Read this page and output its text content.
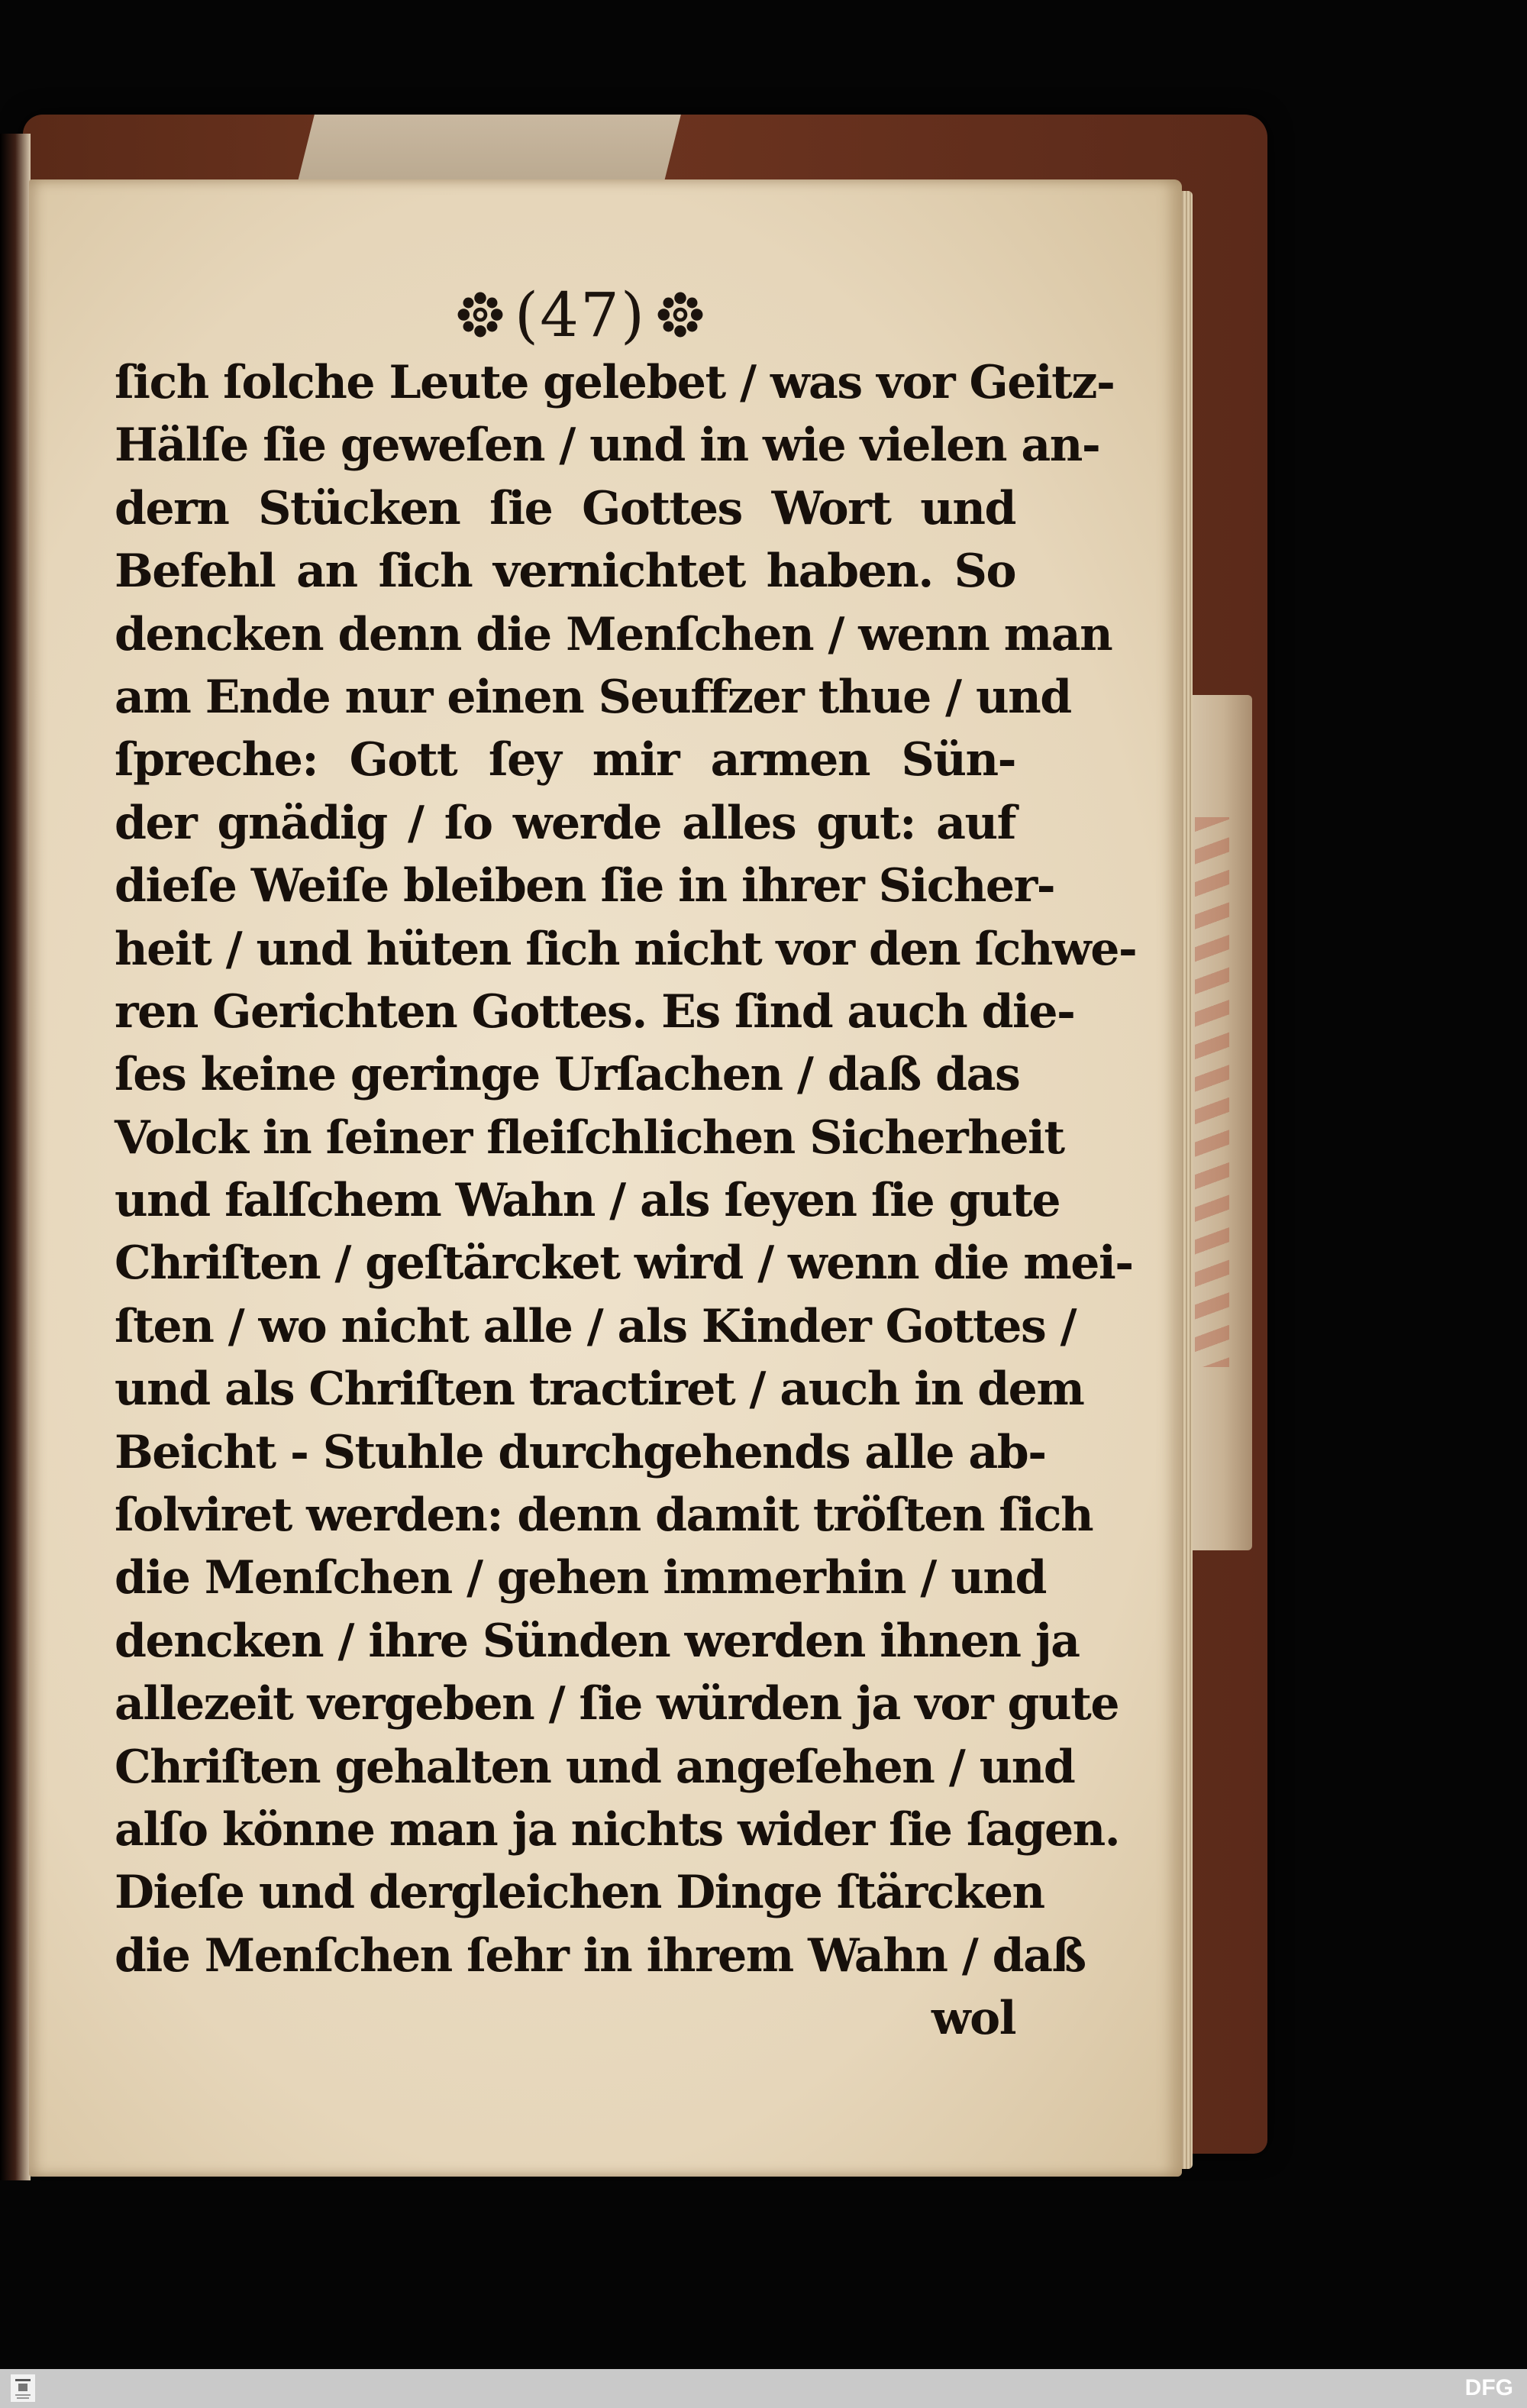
(47)
ſich ſolche Leute gelebet / was vor Geitz-
Hälſe ſie geweſen / und in wie vielen an-
dern Stücken ſie Gottes Wort und
Befehl an ſich vernichtet haben. So
dencken denn die Menſchen / wenn man
am Ende nur einen Seuffzer thue / und
ſpreche: Gott ſey mir armen Sün-
der gnädig / ſo werde alles gut: auf
dieſe Weiſe bleiben ſie in ihrer Sicher-
heit / und hüten ſich nicht vor den ſchwe-
ren Gerichten Gottes. Es ſind auch die-
ſes keine geringe Urſachen / daß das
Volck in ſeiner fleiſchlichen Sicherheit
und falſchem Wahn / als ſeyen ſie gute
Chriſten / geſtärcket wird / wenn die mei-
ſten / wo nicht alle / als Kinder Gottes /
und als Chriſten tractiret / auch in dem
Beicht - Stuhle durchgehends alle ab-
ſolviret werden: denn damit tröſten ſich
die Menſchen / gehen immerhin / und
dencken / ihre Sünden werden ihnen ja
allezeit vergeben / ſie würden ja vor gute
Chriſten gehalten und angeſehen / und
alſo könne man ja nichts wider ſie ſagen.
Dieſe und dergleichen Dinge ſtärcken
die Menſchen ſehr in ihrem Wahn / daß
wol
DFG
